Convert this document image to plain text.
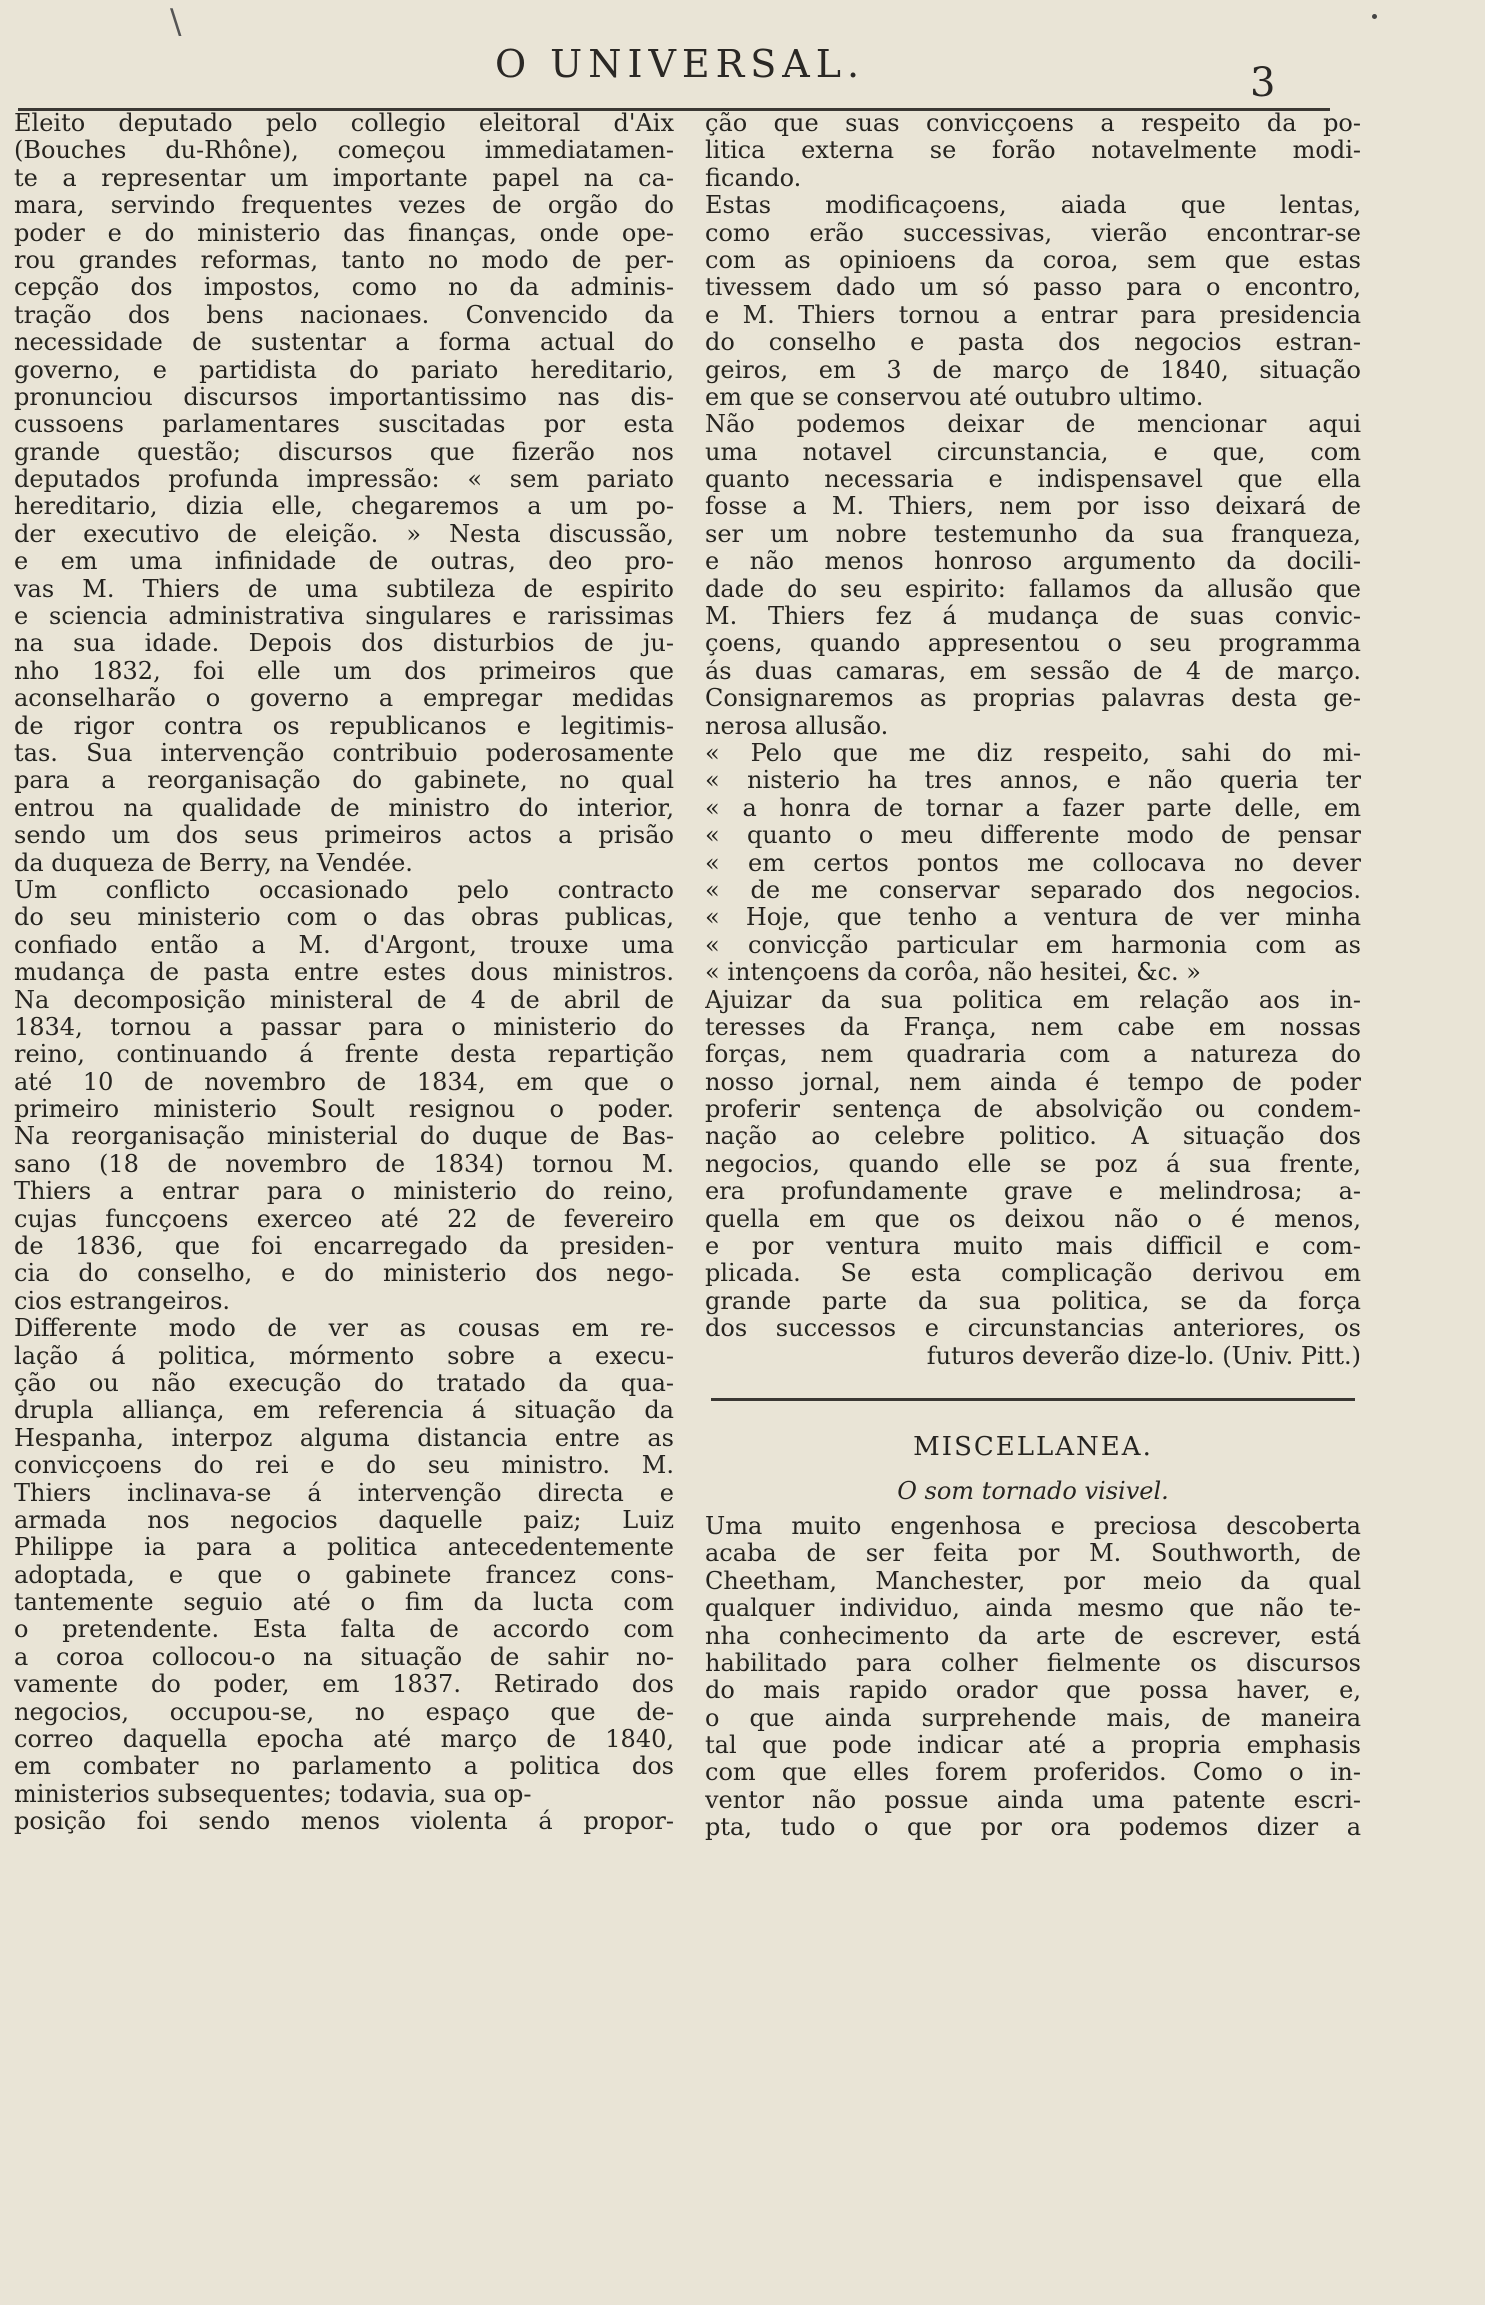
\
O UNIVERSAL.	3
Eleito deputado pelo collegio eleitoral d'Aix
(Bouches du-Rhône), começou immediatamen-
te a representar um importante papel na ca-
mara, servindo frequentes vezes de orgão do
poder e do ministerio das finanças, onde ope-
rou grandes reformas, tanto no modo de per-
cepção dos impostos, como no da adminis-
tração dos bens nacionaes. Convencido da
necessidade de sustentar a forma actual do
governo, e partidista do pariato hereditario,
pronunciou discursos importantissimo nas dis-
cussoens parlamentares suscitadas por esta
grande questão; discursos que fizerão nos
deputados profunda impressão: « sem pariato
hereditario, dizia elle, chegaremos a um po-
der executivo de eleição. » Nesta discussão,
e em uma infinidade de outras, deo pro-
vas M. Thiers de uma subtileza de espirito
e sciencia administrativa singulares e rarissimas
na sua idade. Depois dos disturbios de ju-
nho 1832, foi elle um dos primeiros que
aconselharão o governo a empregar medidas
de rigor contra os republicanos e legitimis-
tas. Sua intervenção contribuio poderosamente
para a reorganisação do gabinete, no qual
entrou na qualidade de ministro do interior,
sendo um dos seus primeiros actos a prisão
da duqueza de Berry, na Vendée.
Um conflicto occasionado pelo contracto
do seu ministerio com o das obras publicas,
confiado então a M. d'Argont, trouxe uma
mudança de pasta entre estes dous ministros.
Na decomposição ministeral de 4 de abril de
1834, tornou a passar para o ministerio do
reino, continuando á frente desta repartição
até 10 de novembro de 1834, em que o
primeiro ministerio Soult resignou o poder.
Na reorganisação ministerial do duque de Bas-
sano (18 de novembro de 1834) tornou M.
Thiers a entrar para o ministerio do reino,
cujas funcçoens exerceo até 22 de fevereiro
de 1836, que foi encarregado da presiden-
cia do conselho, e do ministerio dos nego-
cios estrangeiros.
Differente modo de ver as cousas em re-
lação á politica, mórmento sobre a execu-
ção ou não execução do tratado da qua-
drupla alliança, em referencia á situação da
Hespanha, interpoz alguma distancia entre as
convicçoens do rei e do seu ministro. M.
Thiers inclinava-se á intervenção directa e
armada nos negocios daquelle paiz; Luiz
Philippe ia para a politica antecedentemente
adoptada, e que o gabinete francez cons-
tantemente seguio até o fim da lucta com
o pretendente. Esta falta de accordo com
a coroa collocou-o na situação de sahir no-
vamente do poder, em 1837. Retirado dos
negocios, occupou-se, no espaço que de-
correo daquella epocha até março de 1840,
em combater no parlamento a politica dos
ministerios subsequentes; todavia, sua op-
posição foi sendo menos violenta á propor-
ção que suas convicçoens a respeito da po-
litica externa se forão notavelmente modi-
ficando.
Estas modificaçoens, aiada que lentas,
como erão successivas, vierão encontrar-se
com as opinioens da coroa, sem que estas
tivessem dado um só passo para o encontro,
e M. Thiers tornou a entrar para presidencia
do conselho e pasta dos negocios estran-
geiros, em 3 de março de 1840, situação
em que se conservou até outubro ultimo.
Não podemos deixar de mencionar aqui
uma notavel circunstancia, e que, com
quanto necessaria e indispensavel que ella
fosse a M. Thiers, nem por isso deixará de
ser um nobre testemunho da sua franqueza,
e não menos honroso argumento da docili-
dade do seu espirito: fallamos da allusão que
M. Thiers fez á mudança de suas convic-
çoens, quando appresentou o seu programma
ás duas camaras, em sessão de 4 de março.
Consignaremos as proprias palavras desta ge-
nerosa allusão.
« Pelo que me diz respeito, sahi do mi-
« nisterio ha tres annos, e não queria ter
« a honra de tornar a fazer parte delle, em
« quanto o meu differente modo de pensar
« em certos pontos me collocava no dever
« de me conservar separado dos negocios.
« Hoje, que tenho a ventura de ver minha
« convicção particular em harmonia com as
« intençoens da corôa, não hesitei, &c. »
Ajuizar da sua politica em relação aos in-
teresses da França, nem cabe em nossas
forças, nem quadraria com a natureza do
nosso jornal, nem ainda é tempo de poder
proferir sentença de absolvição ou condem-
nação ao celebre politico. A situação dos
negocios, quando elle se poz á sua frente,
era profundamente grave e melindrosa; a-
quella em que os deixou não o é menos,
e por ventura muito mais difficil e com-
plicada. Se esta complicação derivou em
grande parte da sua politica, se da força
dos successos e circunstancias anteriores, os
futuros deverão dize-lo. (Univ. Pitt.)
MISCELLANEA.
O som tornado visivel.
Uma muito engenhosa e preciosa descoberta
acaba de ser feita por M. Southworth, de
Cheetham, Manchester, por meio da qual
qualquer individuo, ainda mesmo que não te-
nha conhecimento da arte de escrever, está
habilitado para colher fielmente os discursos
do mais rapido orador que possa haver, e,
o que ainda surprehende mais, de maneira
tal que pode indicar até a propria emphasis
com que elles forem proferidos. Como o in-
ventor não possue ainda uma patente escri-
pta, tudo o que por ora podemos dizer a
